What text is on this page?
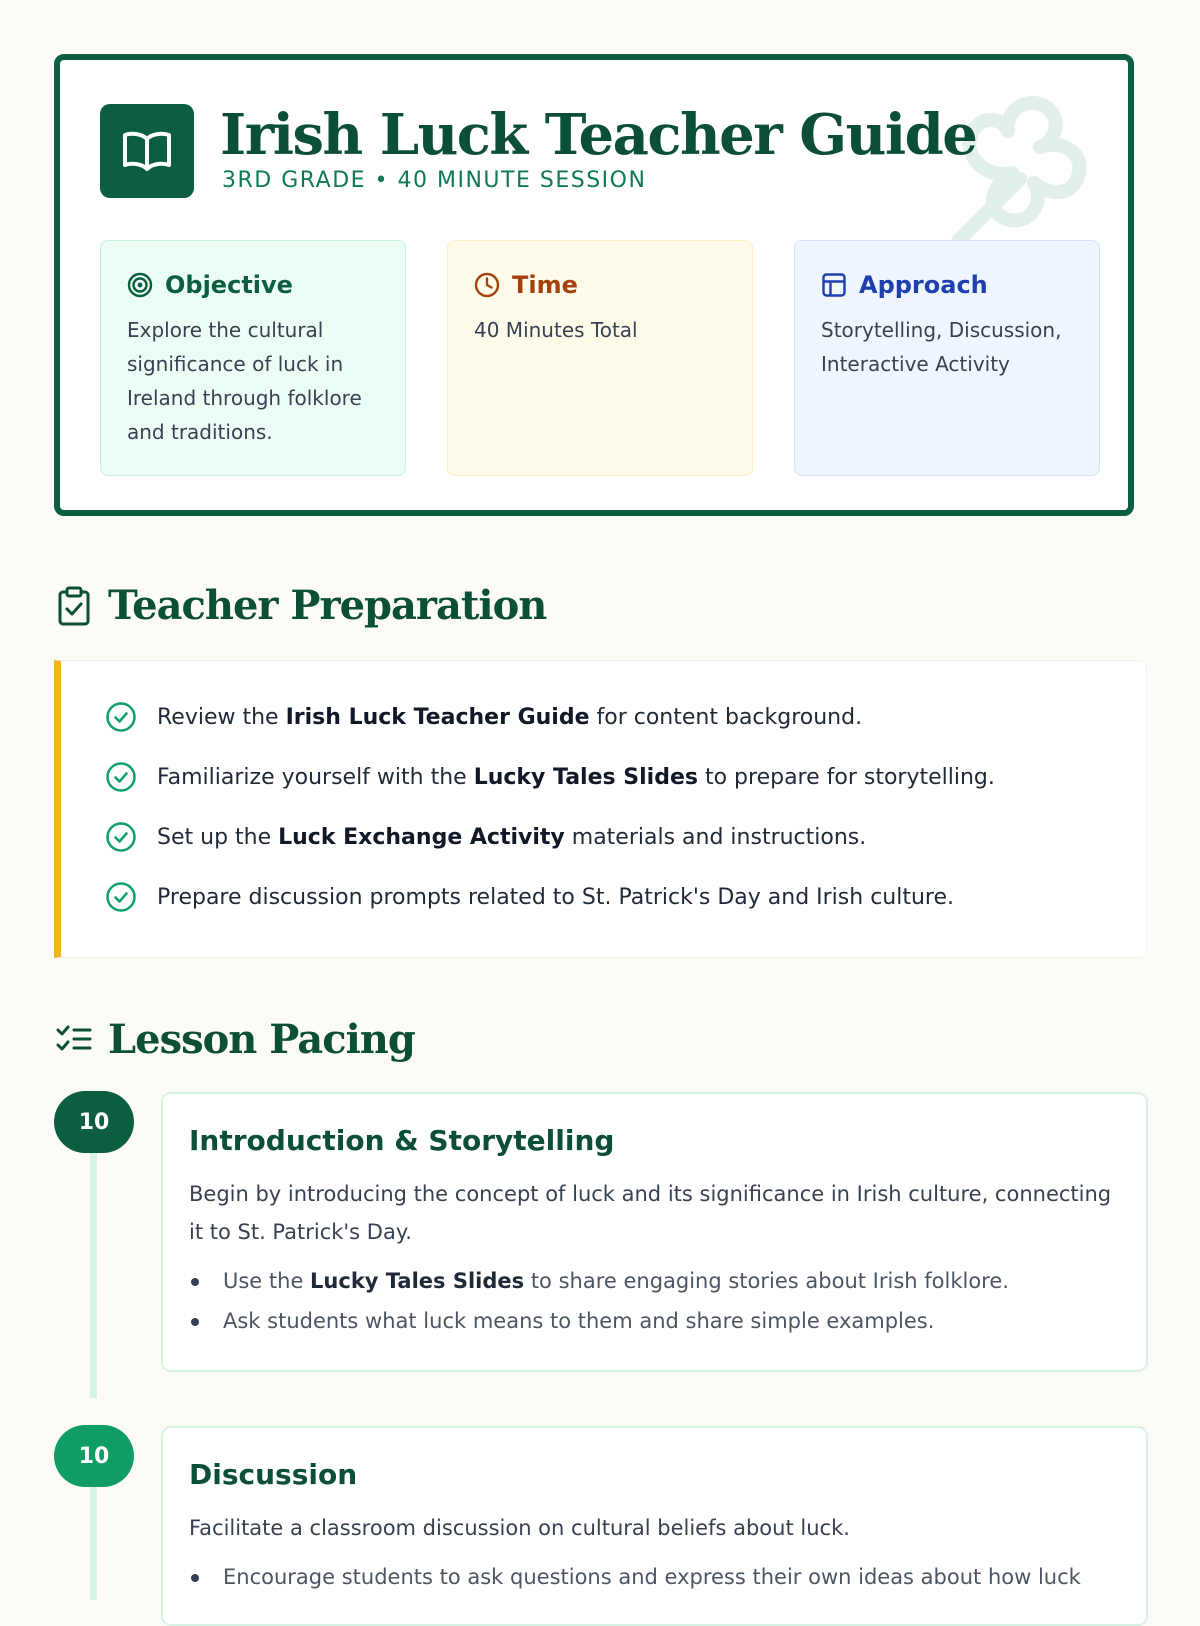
Irish Luck Teacher Guide
3RD GRADE • 40 MINUTE SESSION
Objective
Explore the cultural significance of luck in Ireland through folklore and traditions.
Time
40 Minutes Total
Approach
Storytelling, Discussion, Interactive Activity
Teacher Preparation
Review the Irish Luck Teacher Guide for content background.
Familiarize yourself with the Lucky Tales Slides to prepare for storytelling.
Set up the Luck Exchange Activity materials and instructions.
Prepare discussion prompts related to St. Patrick's Day and Irish culture.
Lesson Pacing
10
Introduction & Storytelling
Begin by introducing the concept of luck and its significance in Irish culture, connecting it to St. Patrick's Day.
Use the Lucky Tales Slides to share engaging stories about Irish folklore.
Ask students what luck means to them and share simple examples.
10
Discussion
Facilitate a classroom discussion on cultural beliefs about luck.
Encourage students to ask questions and express their own ideas about how luck
